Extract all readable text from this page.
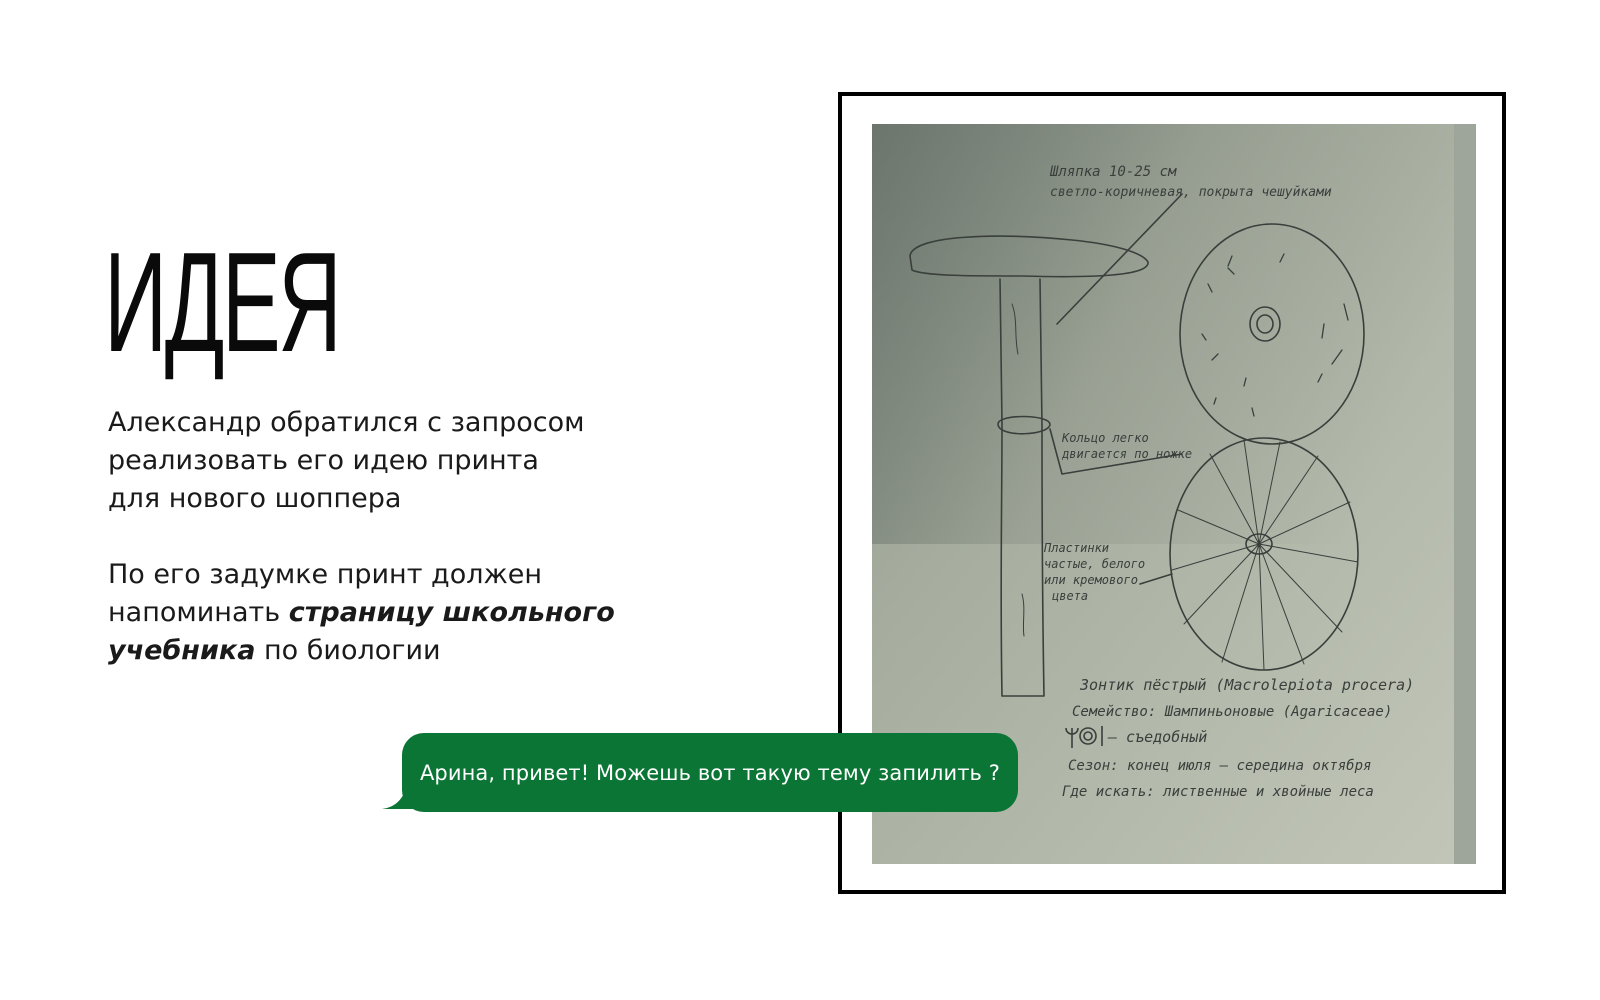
ИДЕЯ

Александр обратился с запросом
реализовать его идею принта
для нового шоппера

По его задумке принт должен
напоминать страницу школьного
учебника по биологии

Шляпка 10-25 см
светло-коричневая, покрыта чешуйками
Кольцо легко
двигается по ножке
Пластинки
частые, белого
или кремового
цвета
Зонтик пёстрый (Macrolepiota procera)
Семейство: Шампиньоновые (Agaricaceae)
– съедобный
Сезон: конец июля – середина октября
Где искать: лиственные и хвойные леса
Арина, привет! Можешь вот такую тему запилить ?
